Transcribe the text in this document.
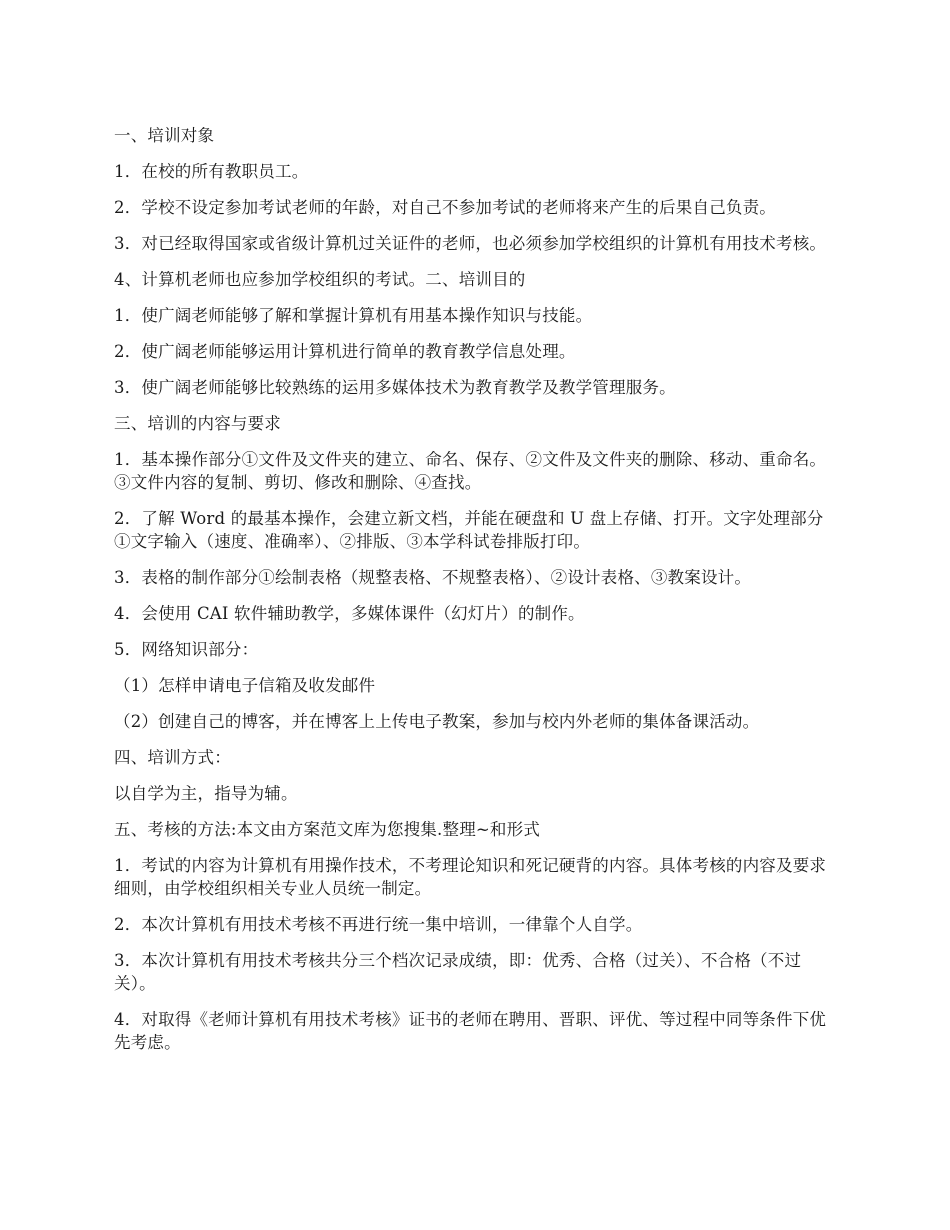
一、培训对象

1．在校的所有教职员工。

2．学校不设定参加考试老师的年龄，对自己不参加考试的老师将来产生的后果自己负责。

3．对已经取得国家或省级计算机过关证件的老师，也必须参加学校组织的计算机有用技术考核。

4、计算机老师也应参加学校组织的考试。二、培训目的

1．使广阔老师能够了解和掌握计算机有用基本操作知识与技能。

2．使广阔老师能够运用计算机进行简单的教育教学信息处理。

3．使广阔老师能够比较熟练的运用多媒体技术为教育教学及教学管理服务。

三、培训的内容与要求

1．基本操作部分①文件及文件夹的建立、命名、保存、②文件及文件夹的删除、移动、重命名。③文件内容的复制、剪切、修改和删除、④查找。

2．了解 Word 的最基本操作，会建立新文档，并能在硬盘和 U 盘上存储、打开。文字处理部分①文字输入（速度、准确率）、②排版、③本学科试卷排版打印。

3．表格的制作部分①绘制表格（规整表格、不规整表格）、②设计表格、③教案设计。

4．会使用 CAI 软件辅助教学，多媒体课件（幻灯片）的制作。

5．网络知识部分：

（1）怎样申请电子信箱及收发邮件

（2）创建自己的博客，并在博客上上传电子教案，参加与校内外老师的集体备课活动。

四、培训方式：

以自学为主，指导为辅。

五、考核的方法:本文由方案范文库为您搜集.整理~和形式

1．考试的内容为计算机有用操作技术，不考理论知识和死记硬背的内容。具体考核的内容及要求细则，由学校组织相关专业人员统一制定。

2．本次计算机有用技术考核不再进行统一集中培训，一律靠个人自学。

3．本次计算机有用技术考核共分三个档次记录成绩，即：优秀、合格（过关）、不合格（不过关）。

4．对取得《老师计算机有用技术考核》证书的老师在聘用、晋职、评优、等过程中同等条件下优先考虑。
